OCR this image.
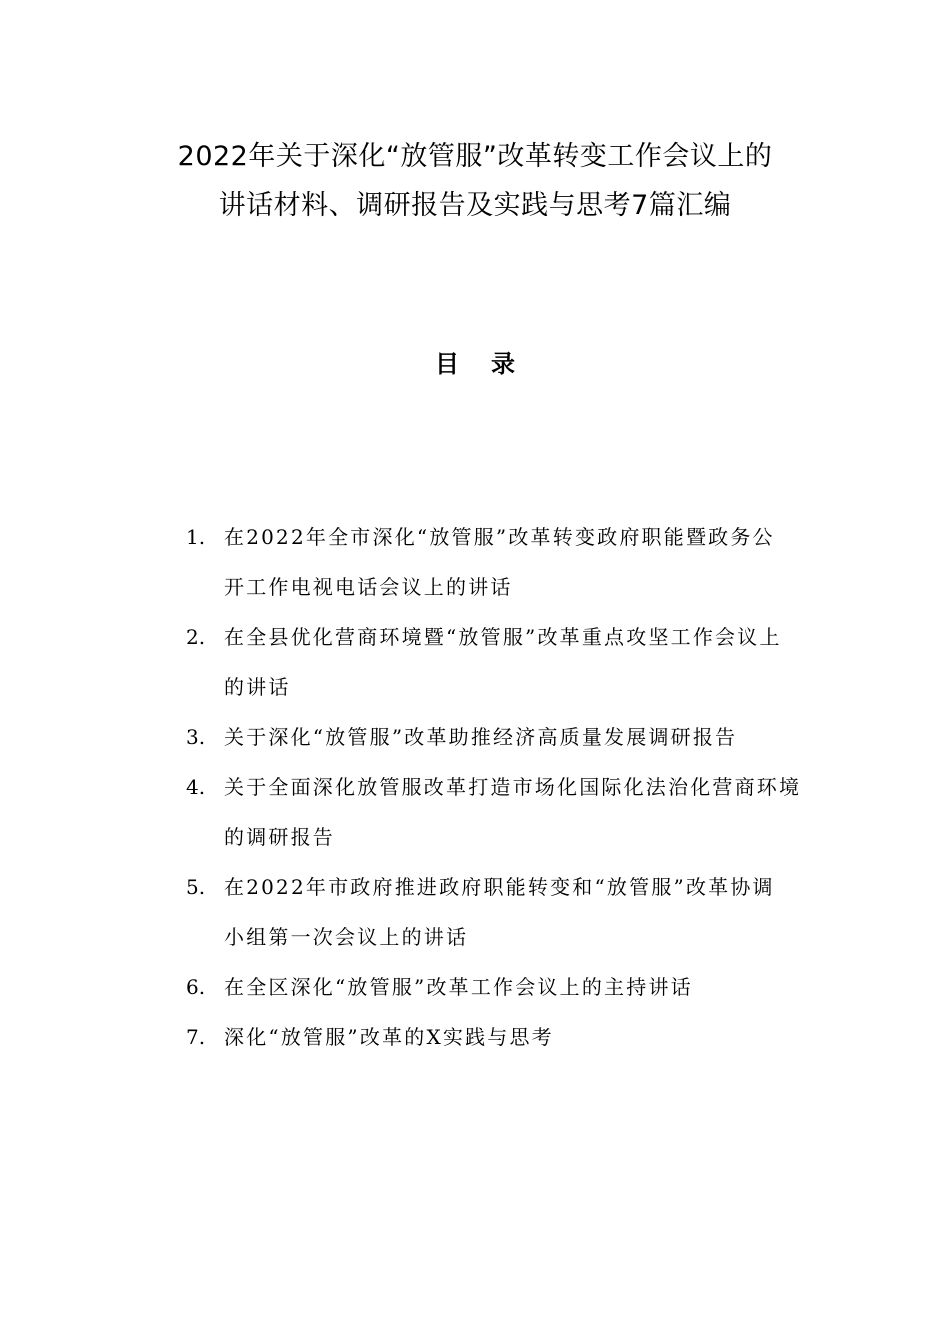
2022年关于深化“放管服”改革转变工作会议上的
讲话材料、调研报告及实践与思考7篇汇编
目 录
1. 在2022年全市深化“放管服”改革转变政府职能暨政务公
开工作电视电话会议上的讲话
2. 在全县优化营商环境暨“放管服”改革重点攻坚工作会议上
的讲话
3. 关于深化“放管服”改革助推经济高质量发展调研报告
4. 关于全面深化放管服改革打造市场化国际化法治化营商环境
的调研报告
5. 在2022年市政府推进政府职能转变和“放管服”改革协调
小组第一次会议上的讲话
6. 在全区深化“放管服”改革工作会议上的主持讲话
7. 深化“放管服”改革的X实践与思考
